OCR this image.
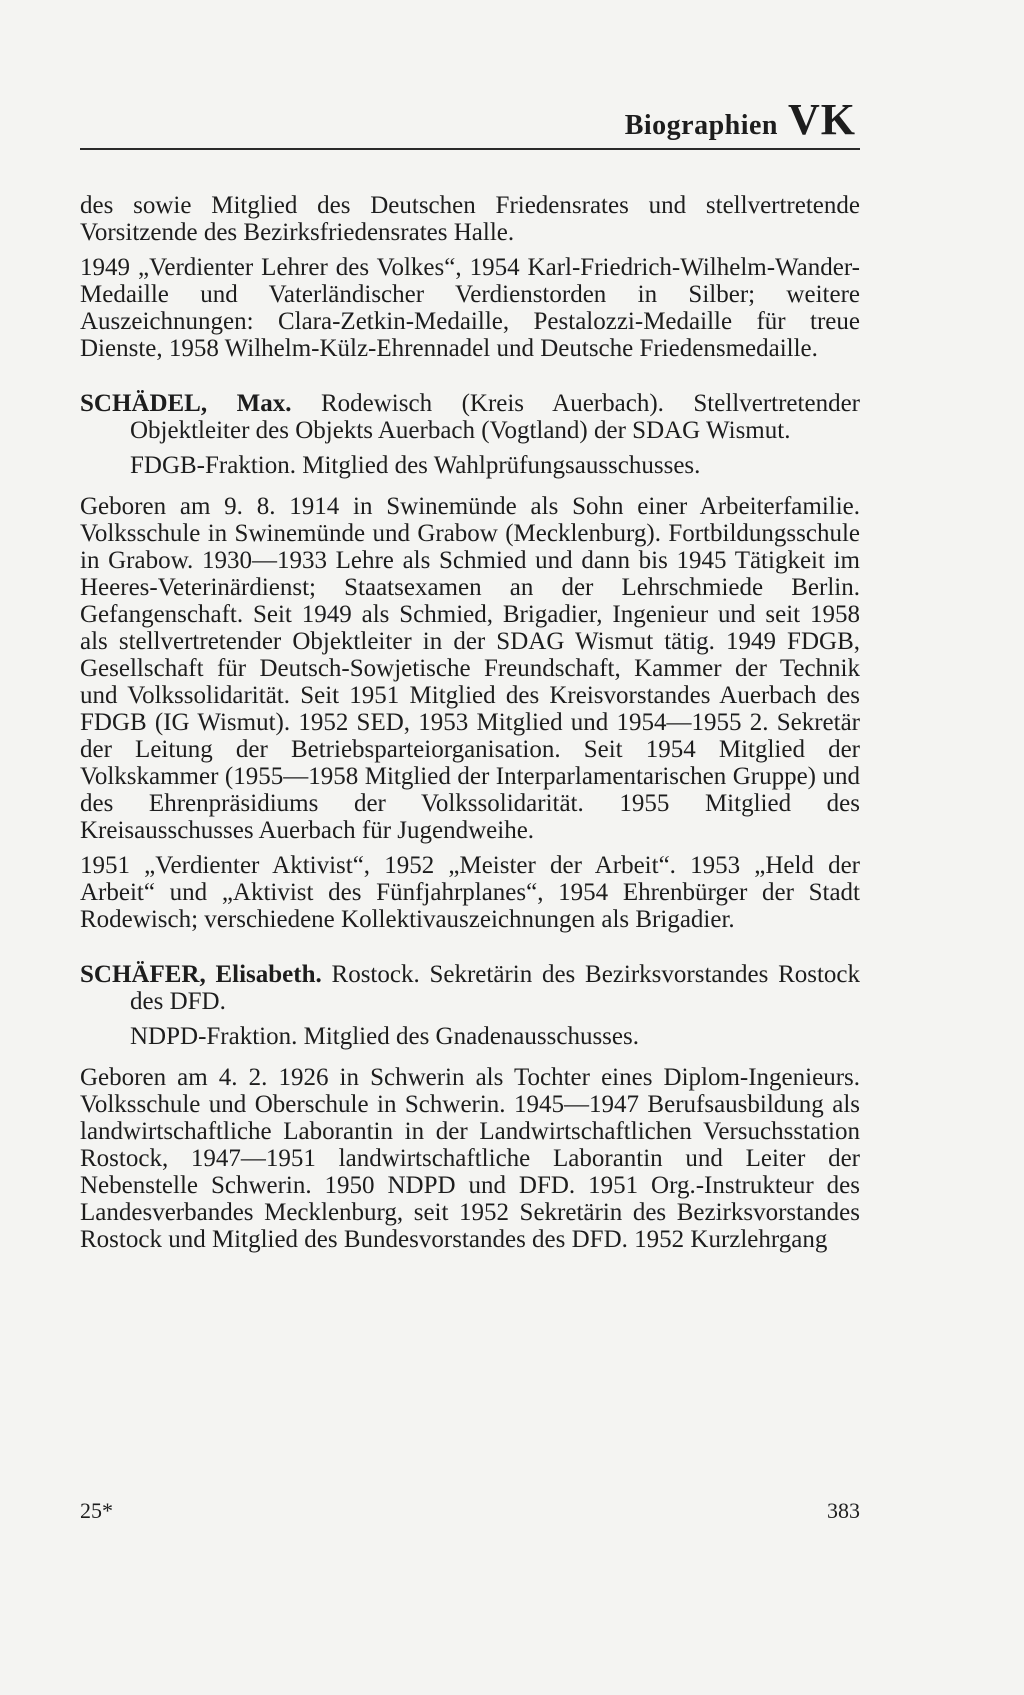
Biographien VK

des sowie Mitglied des Deutschen Friedensrates und stellvertretende Vorsitzende des Bezirksfriedensrates Halle.

1949 „Verdienter Lehrer des Volkes“, 1954 Karl-Friedrich-Wilhelm-Wander-Medaille und Vaterländischer Verdienstorden in Silber; weitere Auszeichnungen: Clara-Zetkin-Medaille, Pestalozzi-Medaille für treue Dienste, 1958 Wilhelm-Külz-Ehrennadel und Deutsche Friedensmedaille.

SCHÄDEL, Max. Rodewisch (Kreis Auerbach). Stellvertretender Objektleiter des Objekts Auerbach (Vogtland) der SDAG Wismut.

FDGB-Fraktion. Mitglied des Wahlprüfungsausschusses.

Geboren am 9. 8. 1914 in Swinemünde als Sohn einer Arbeiterfamilie. Volksschule in Swinemünde und Grabow (Mecklenburg). Fortbildungsschule in Grabow. 1930—1933 Lehre als Schmied und dann bis 1945 Tätigkeit im Heeres-Veterinärdienst; Staatsexamen an der Lehrschmiede Berlin. Gefangenschaft. Seit 1949 als Schmied, Brigadier, Ingenieur und seit 1958 als stellvertretender Objektleiter in der SDAG Wismut tätig. 1949 FDGB, Gesellschaft für Deutsch-Sowjetische Freundschaft, Kammer der Technik und Volkssolidarität. Seit 1951 Mitglied des Kreisvorstandes Auerbach des FDGB (IG Wismut). 1952 SED, 1953 Mitglied und 1954—1955 2. Sekretär der Leitung der Betriebsparteiorganisation. Seit 1954 Mitglied der Volkskammer (1955—1958 Mitglied der Interparlamentarischen Gruppe) und des Ehrenpräsidiums der Volkssolidarität. 1955 Mitglied des Kreisausschusses Auerbach für Jugendweihe.

1951 „Verdienter Aktivist“, 1952 „Meister der Arbeit“. 1953 „Held der Arbeit“ und „Aktivist des Fünfjahrplanes“, 1954 Ehrenbürger der Stadt Rodewisch; verschiedene Kollektivauszeichnungen als Brigadier.

SCHÄFER, Elisabeth. Rostock. Sekretärin des Bezirksvorstandes Rostock des DFD.

NDPD-Fraktion. Mitglied des Gnadenausschusses.

Geboren am 4. 2. 1926 in Schwerin als Tochter eines Diplom-Ingenieurs. Volksschule und Oberschule in Schwerin. 1945—1947 Berufsausbildung als landwirtschaftliche Laborantin in der Landwirtschaftlichen Versuchsstation Rostock, 1947—1951 landwirtschaftliche Laborantin und Leiter der Nebenstelle Schwerin. 1950 NDPD und DFD. 1951 Org.-Instrukteur des Landesverbandes Mecklenburg, seit 1952 Sekretärin des Bezirksvorstandes Rostock und Mitglied des Bundesvorstandes des DFD. 1952 Kurzlehrgang

25*	383
